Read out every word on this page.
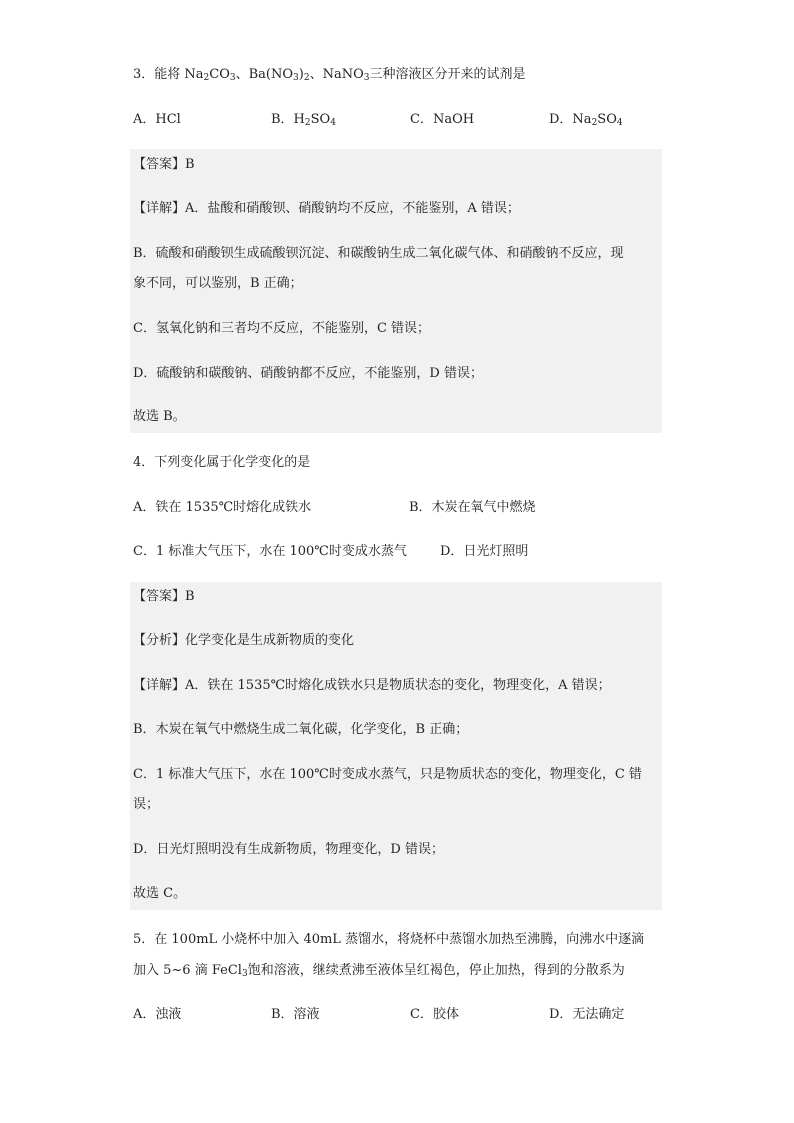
3．能将 $Na_2CO_3$、$Ba(NO_3)_2$、NaNO$_3$三种溶液区分开来的试剂是
A．HCl	B．$H_2SO_4$	C．NaOH	D．$Na_2SO_4$
【答案】B
【详解】A．盐酸和硝酸钡、硝酸钠均不反应，不能鉴别，A 错误；
B．硫酸和硝酸钡生成硫酸钡沉淀、和碳酸钠生成二氧化碳气体、和硝酸钠不反应，现
象不同，可以鉴别，B 正确；
C．氢氧化钠和三者均不反应，不能鉴别，C 错误；
D．硫酸钠和碳酸钠、硝酸钠都不反应，不能鉴别，D 错误；
故选 B。
4．下列变化属于化学变化的是
A．铁在 1535℃时熔化成铁水	B．木炭在氧气中燃烧
C．1 标准大气压下，水在 100℃时变成水蒸气	D．日光灯照明
【答案】B
【分析】化学变化是生成新物质的变化
【详解】A．铁在 1535℃时熔化成铁水只是物质状态的变化，物理变化，A 错误；
B．木炭在氧气中燃烧生成二氧化碳，化学变化，B 正确；
C．1 标准大气压下，水在 100℃时变成水蒸气，只是物质状态的变化，物理变化，C 错
误；
D．日光灯照明没有生成新物质，物理变化，D 错误；
故选 C。
5．在 100mL 小烧杯中加入 40mL 蒸馏水，将烧杯中蒸馏水加热至沸腾，向沸水中逐滴
加入 5~6 滴 FeCl$_3$饱和溶液，继续煮沸至液体呈红褐色，停止加热，得到的分散系为
A．浊液	B．溶液	C．胶体	D．无法确定
